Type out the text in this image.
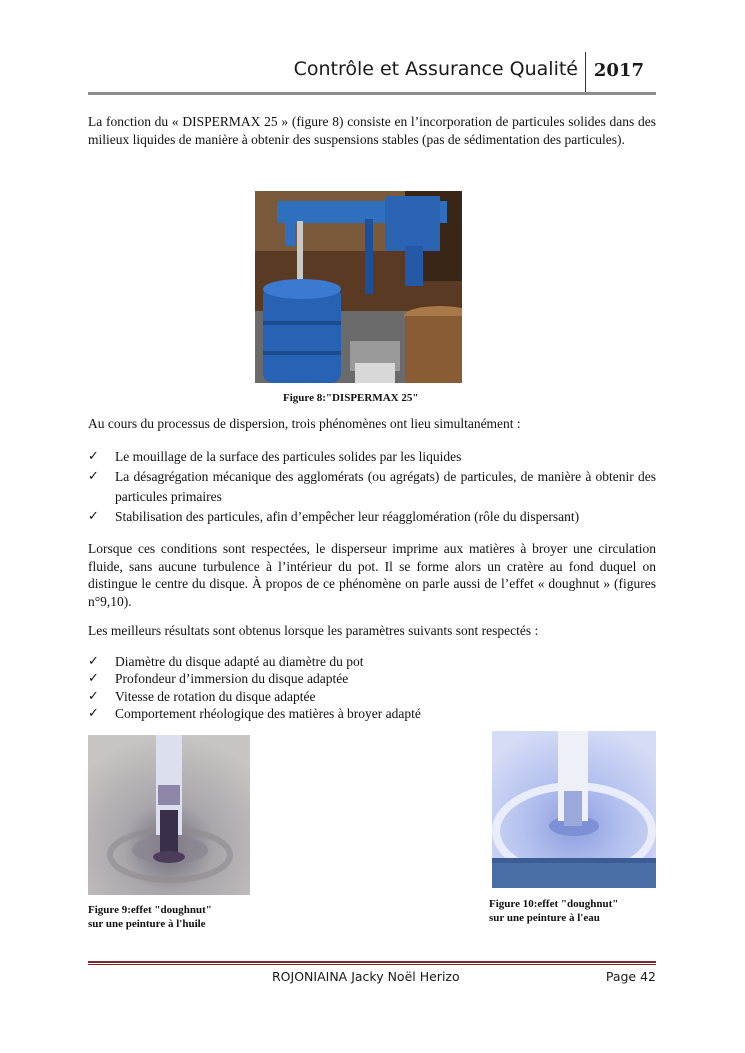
Contrôle et Assurance Qualité 2017

La fonction du « DISPERMAX 25 » (figure 8) consiste en l’incorporation de particules solides dans des milieux liquides de manière à obtenir des suspensions stables (pas de sédimentation des particules).

Figure 8:"DISPERMAX 25"

Au cours du processus de dispersion, trois phénomènes ont lieu simultanément :

✓ Le mouillage de la surface des particules solides par les liquides
✓ La désagrégation mécanique des agglomérats (ou agrégats) de particules, de manière à obtenir des particules primaires
✓ Stabilisation des particules, afin d’empêcher leur réagglomération (rôle du dispersant)

Lorsque ces conditions sont respectées, le disperseur imprime aux matières à broyer une circulation fluide, sans aucune turbulence à l’intérieur du pot. Il se forme alors un cratère au fond duquel on distingue le centre du disque. À propos de ce phénomène on parle aussi de l’effet « doughnut » (figures n°9,10).

Les meilleurs résultats sont obtenus lorsque les paramètres suivants sont respectés :

✓ Diamètre du disque adapté au diamètre du pot
✓ Profondeur d’immersion du disque adaptée
✓ Vitesse de rotation du disque adaptée
✓ Comportement rhéologique des matières à broyer adapté
Figure 9:effet "doughnut"
sur une peinture à l'huile
Figure 10:effet "doughnut"
sur une peinture à l'eau
ROJONIAINA Jacky Noël Herizo	Page 42
